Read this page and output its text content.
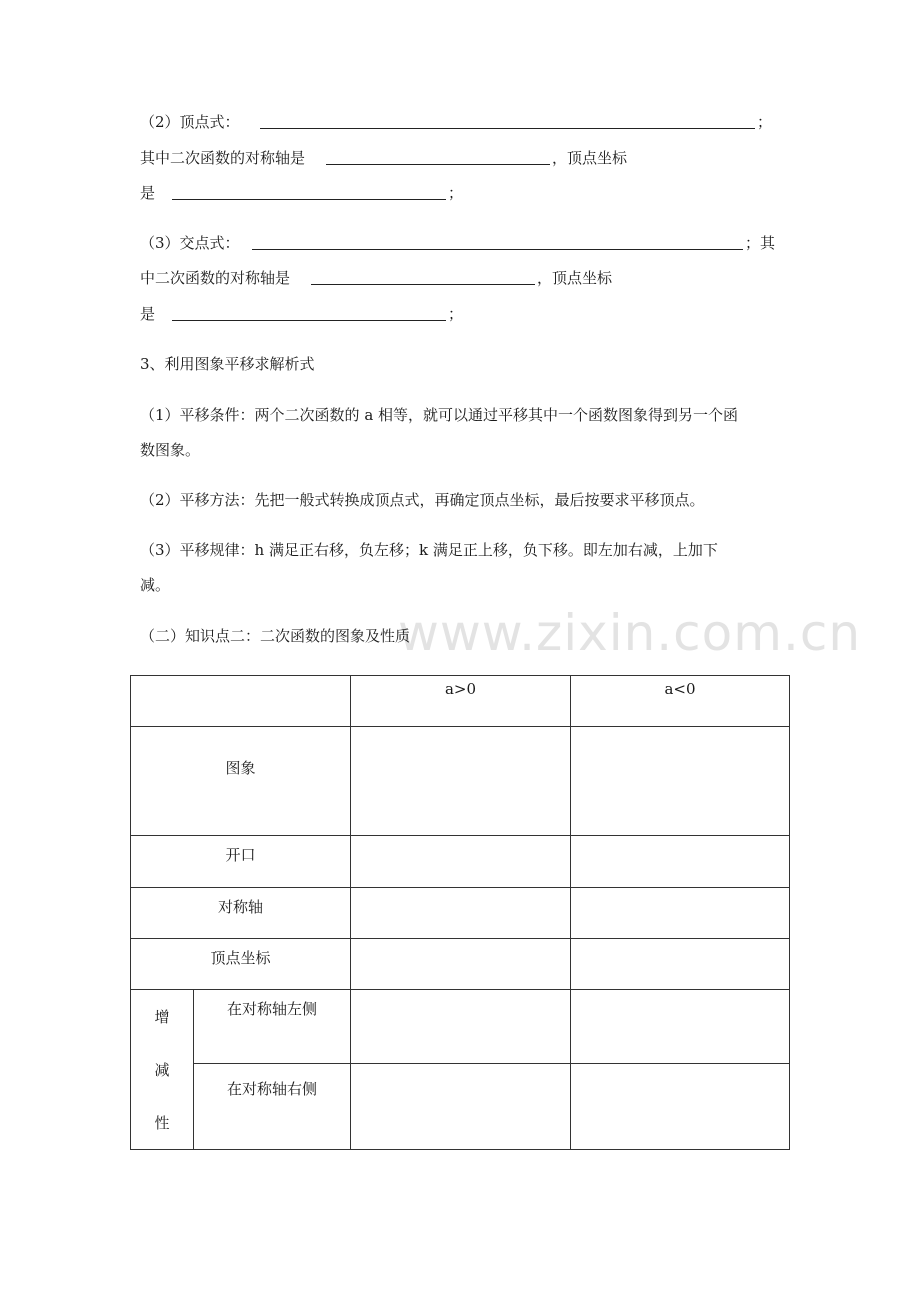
（2）顶点式：	；
其中二次函数的对称轴是	，顶点坐标
是	；
（3）交点式：	；其
中二次函数的对称轴是	，顶点坐标
是	；
3、利用图象平移求解析式
（1）平移条件：两个二次函数的 a 相等，就可以通过平移其中一个函数图象得到另一个函
数图象。
（2）平移方法：先把一般式转换成顶点式，再确定顶点坐标，最后按要求平移顶点。
（3）平移规律：h 满足正右移，负左移；k 满足正上移，负下移。即左加右减，上加下
减。
www.zixin.com.cn
（二）知识点二：二次函数的图象及性质

		a>0	a<0

图象			

开口			

对称轴			

顶点坐标			

增
减
性	在对称轴左侧		

	在对称轴右侧		
